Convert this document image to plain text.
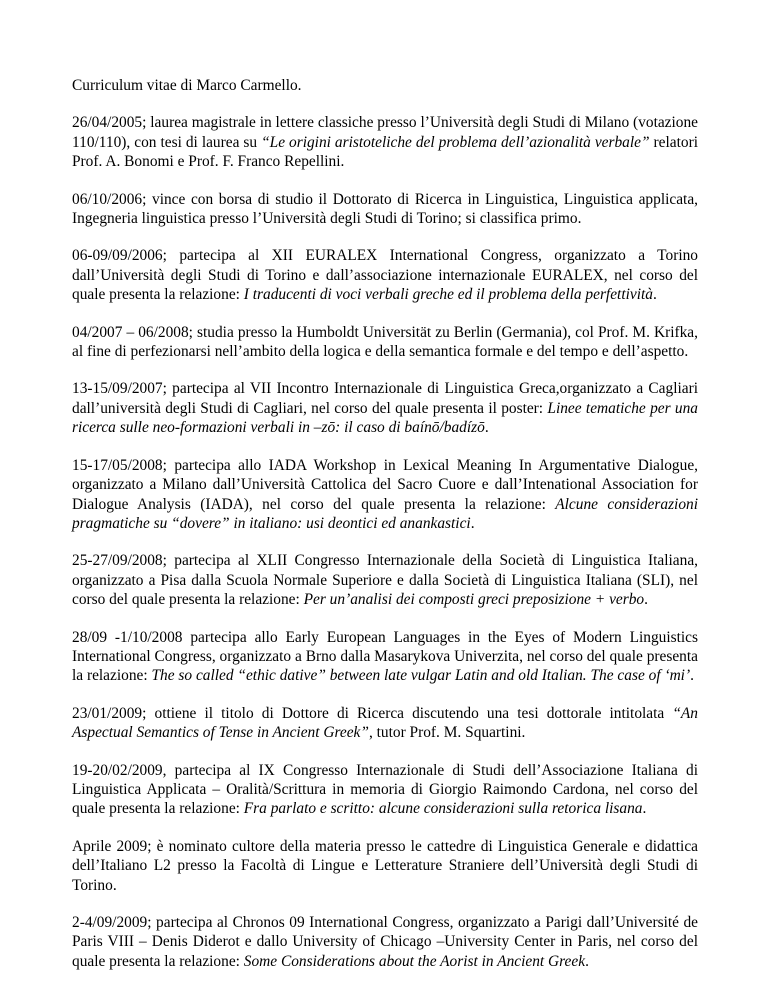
Curriculum vitae di Marco Carmello.

26/04/2005; laurea magistrale in lettere classiche presso l’Università degli Studi di Milano (votazione 110/110), con tesi di laurea su “Le origini aristoteliche del problema dell’azionalità verbale” relatori Prof. A. Bonomi e Prof. F. Franco Repellini.

06/10/2006; vince con borsa di studio il Dottorato di Ricerca in Linguistica, Linguistica applicata, Ingegneria linguistica presso l’Università degli Studi di Torino; si classifica primo.

06-09/09/2006; partecipa al XII EURALEX International Congress, organizzato a Torino dall’Università degli Studi di Torino e dall’associazione internazionale EURALEX, nel corso del quale presenta la relazione: I traducenti di voci verbali greche ed il problema della perfettività.

04/2007 – 06/2008; studia presso la Humboldt Universität zu Berlin (Germania), col Prof. M. Krifka, al fine di perfezionarsi nell’ambito della logica e della semantica formale e del tempo e dell’aspetto.

13-15/09/2007; partecipa al VII Incontro Internazionale di Linguistica Greca,organizzato a Cagliari dall’università degli Studi di Cagliari, nel corso del quale presenta il poster: Linee tematiche per una ricerca sulle neo-formazioni verbali in –zō: il caso di baínō/badízō.

15-17/05/2008; partecipa allo IADA Workshop in Lexical Meaning In Argumentative Dialogue, organizzato a Milano dall’Università Cattolica del Sacro Cuore e dall’Intenational Association for Dialogue Analysis (IADA), nel corso del quale presenta la relazione: Alcune considerazioni pragmatiche su “dovere” in italiano: usi deontici ed anankastici.

25-27/09/2008; partecipa al XLII Congresso Internazionale della Società di Linguistica Italiana, organizzato a Pisa dalla Scuola Normale Superiore e dalla Società di Linguistica Italiana (SLI), nel corso del quale presenta la relazione: Per un’analisi dei composti greci preposizione + verbo.

28/09 -1/10/2008 partecipa allo Early European Languages in the Eyes of Modern Linguistics International Congress, organizzato a Brno dalla Masarykova Univerzita, nel corso del quale presenta la relazione: The so called “ethic dative” between late vulgar Latin and old Italian. The case of ‘mi’.

23/01/2009; ottiene il titolo di Dottore di Ricerca discutendo una tesi dottorale intitolata “An Aspectual Semantics of Tense in Ancient Greek”, tutor Prof. M. Squartini.

19-20/02/2009, partecipa al IX Congresso Internazionale di Studi dell’Associazione Italiana di Linguistica Applicata – Oralità/Scrittura in memoria di Giorgio Raimondo Cardona, nel corso del quale presenta la relazione: Fra parlato e scritto: alcune considerazioni sulla retorica lisana.

Aprile 2009; è nominato cultore della materia presso le cattedre di Linguistica Generale e didattica dell’Italiano L2 presso la Facoltà di Lingue e Letterature Straniere dell’Università degli Studi di Torino.

2-4/09/2009; partecipa al Chronos 09 International Congress, organizzato a Parigi dall’Université de Paris VIII – Denis Diderot e dallo University of Chicago –University Center in Paris, nel corso del quale presenta la relazione: Some Considerations about the Aorist in Ancient Greek.
